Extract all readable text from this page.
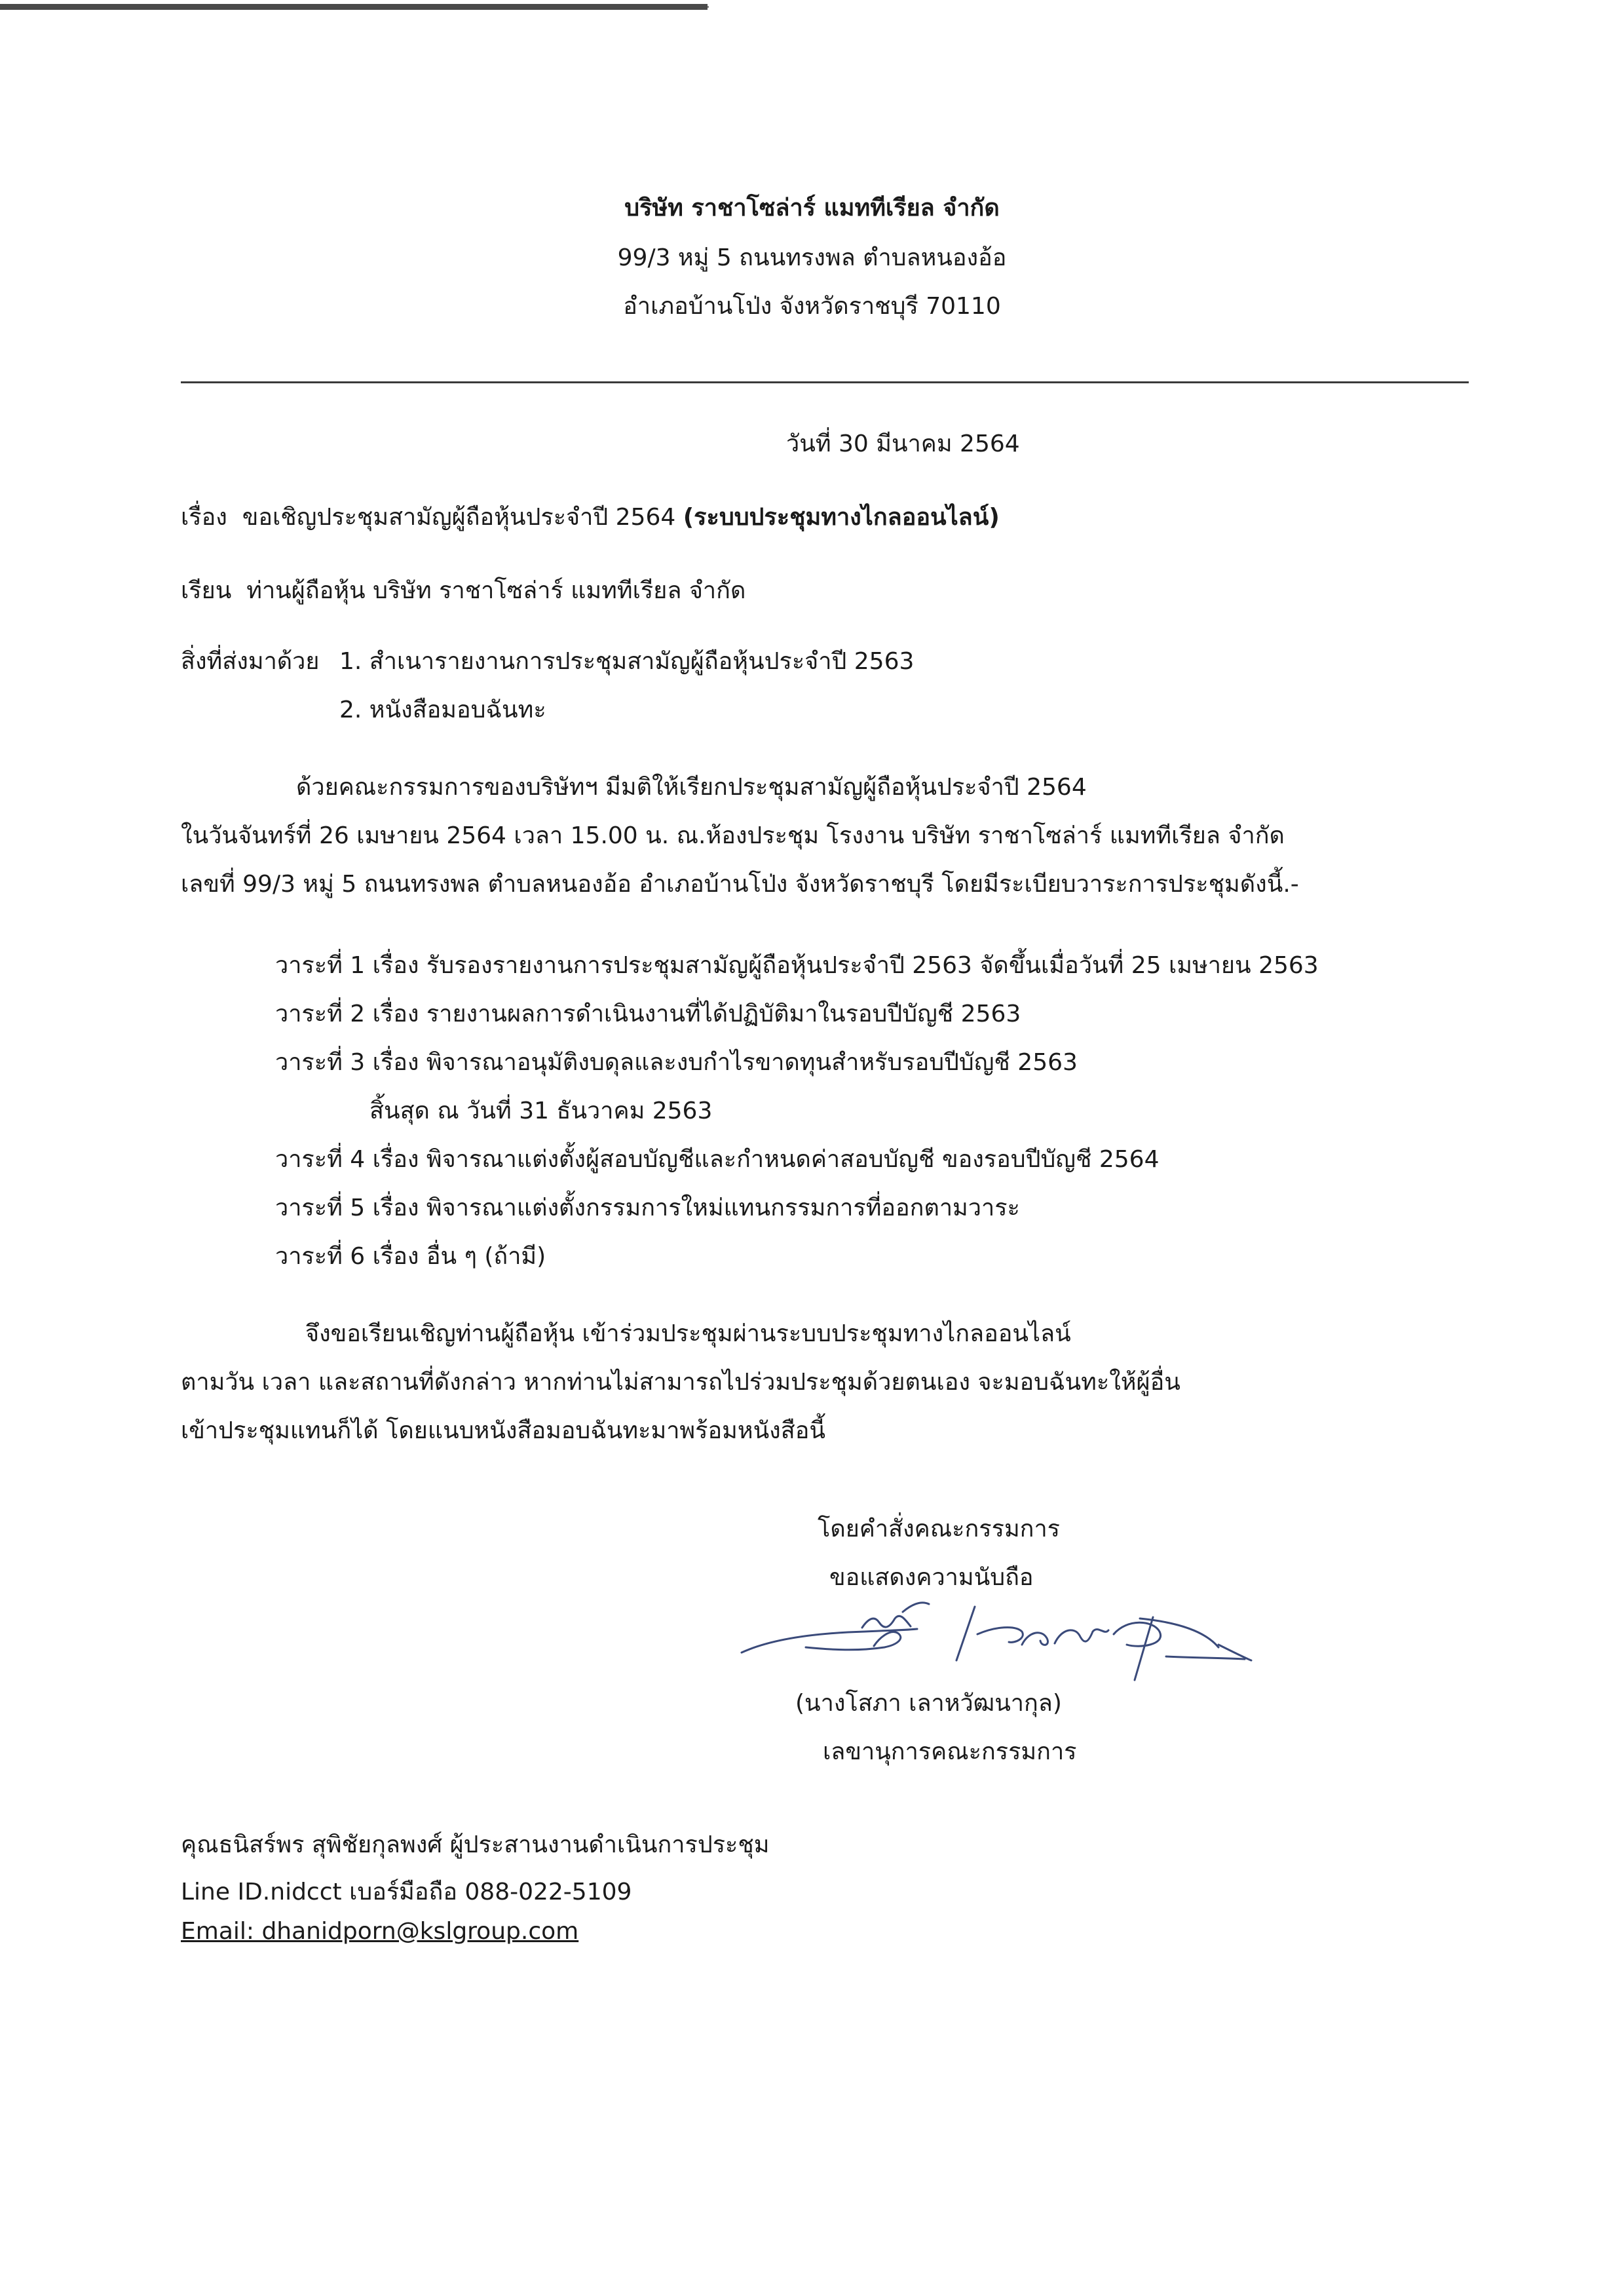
บริษัท ราชาโซล่าร์ แมททีเรียล จำกัด
99/3 หมู่ 5 ถนนทรงพล ตำบลหนองอ้อ
อำเภอบ้านโป่ง จังหวัดราชบุรี 70110
วันที่ 30 มีนาคม 2564
เรื่อง ขอเชิญประชุมสามัญผู้ถือหุ้นประจำปี 2564 (ระบบประชุมทางไกลออนไลน์)
เรียน ท่านผู้ถือหุ้น บริษัท ราชาโซล่าร์ แมททีเรียล จำกัด
สิ่งที่ส่งมาด้วย 1. สำเนารายงานการประชุมสามัญผู้ถือหุ้นประจำปี 2563
2. หนังสือมอบฉันทะ
ด้วยคณะกรรมการของบริษัทฯ มีมติให้เรียกประชุมสามัญผู้ถือหุ้นประจำปี 2564
ในวันจันทร์ที่ 26 เมษายน 2564 เวลา 15.00 น. ณ.ห้องประชุม โรงงาน บริษัท ราชาโซล่าร์ แมททีเรียล จำกัด
เลขที่ 99/3 หมู่ 5 ถนนทรงพล ตำบลหนองอ้อ อำเภอบ้านโป่ง จังหวัดราชบุรี โดยมีระเบียบวาระการประชุมดังนี้.-
วาระที่ 1 เรื่อง รับรองรายงานการประชุมสามัญผู้ถือหุ้นประจำปี 2563 จัดขึ้นเมื่อวันที่ 25 เมษายน 2563
วาระที่ 2 เรื่อง รายงานผลการดำเนินงานที่ได้ปฏิบัติมาในรอบปีบัญชี 2563
วาระที่ 3 เรื่อง พิจารณาอนุมัติงบดุลและงบกำไรขาดทุนสำหรับรอบปีบัญชี 2563
สิ้นสุด ณ วันที่ 31 ธันวาคม 2563
วาระที่ 4 เรื่อง พิจารณาแต่งตั้งผู้สอบบัญชีและกำหนดค่าสอบบัญชี ของรอบปีบัญชี 2564
วาระที่ 5 เรื่อง พิจารณาแต่งตั้งกรรมการใหม่แทนกรรมการที่ออกตามวาระ
วาระที่ 6 เรื่อง อื่น ๆ (ถ้ามี)
จึงขอเรียนเชิญท่านผู้ถือหุ้น เข้าร่วมประชุมผ่านระบบประชุมทางไกลออนไลน์
ตามวัน เวลา และสถานที่ดังกล่าว หากท่านไม่สามารถไปร่วมประชุมด้วยตนเอง จะมอบฉันทะให้ผู้อื่น
เข้าประชุมแทนก็ได้ โดยแนบหนังสือมอบฉันทะมาพร้อมหนังสือนี้
โดยคำสั่งคณะกรรมการ
ขอแสดงความนับถือ
(นางโสภา เลาหวัฒนากุล)
เลขานุการคณะกรรมการ
คุณธนิสร์พร สุพิชัยกุลพงศ์ ผู้ประสานงานดำเนินการประชุม
Line ID.nidcct เบอร์มือถือ 088-022-5109
Email: dhanidporn@kslgroup.com
